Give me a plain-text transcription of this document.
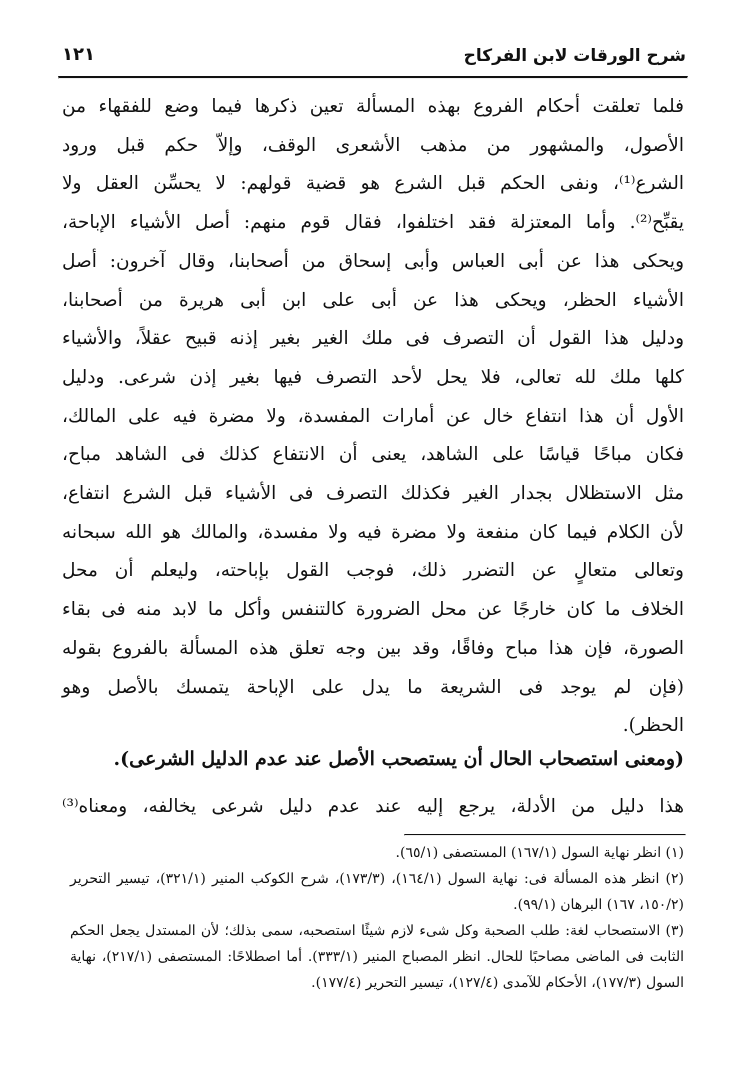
شرح الورقات لابن الفركاح
١٢١

فلما تعلقت أحكام الفروع بهذه المسألة تعين ذكرها فيما وضع للفقهاء من

الأصول، والمشهور من مذهب الأشعرى الوقف، وإلاّ حكم قبل ورود

الشرع⁽¹⁾، ونفى الحكم قبل الشرع هو قضية قولهم: لا يحسِّن العقل ولا

يقبِّح⁽²⁾. وأما المعتزلة فقد اختلفوا، فقال قوم منهم: أصل الأشياء الإباحة،

ويحكى هذا عن أبى العباس وأبى إسحاق من أصحابنا، وقال آخرون: أصل

الأشياء الحظر، ويحكى هذا عن أبى على ابن أبى هريرة من أصحابنا،

ودليل هذا القول أن التصرف فى ملك الغير بغير إذنه قبيح عقلاً، والأشياء

كلها ملك لله تعالى، فلا يحل لأحد التصرف فيها بغير إذن شرعى. ودليل

الأول أن هذا انتفاع خال عن أمارات المفسدة، ولا مضرة فيه على المالك،

فكان مباحًا قياسًا على الشاهد، يعنى أن الانتفاع كذلك فى الشاهد مباح،

مثل الاستظلال بجدار الغير فكذلك التصرف فى الأشياء قبل الشرع انتفاع،

لأن الكلام فيما كان منفعة ولا مضرة فيه ولا مفسدة، والمالك هو الله سبحانه

وتعالى متعالٍ عن التضرر ذلك، فوجب القول بإباحته، وليعلم أن محل

الخلاف ما كان خارجًا عن محل الضرورة كالتنفس وأكل ما لابد منه فى بقاء

الصورة، فإن هذا مباح وفاقًا، وقد بين وجه تعلق هذه المسألة بالفروع بقوله

(فإن لم يوجد فى الشريعة ما يدل على الإباحة يتمسك بالأصل وهو

الحظر).

(ومعنى استصحاب الحال أن يستصحب الأصل عند عدم الدليل الشرعى).
هذا دليل من الأدلة، يرجع إليه عند عدم دليل شرعى يخالفه، ومعناه⁽³⁾

(١) انظر نهاية السول (١٦٧/١) المستصفى (٦٥/١).

(٢) انظر هذه المسألة فى: نهاية السول (١٦٤/١)، (١٧٣/٣)، شرح الكوكب المنير (٣٢١/١)، تيسير التحرير (١٥٠/٢، ١٦٧) البرهان (٩٩/١).

(٣) الاستصحاب لغة: طلب الصحبة وكل شىء لازم شيئًا استصحبه، سمى بذلك؛ لأن المستدل يجعل الحكم الثابت فى الماضى مصاحبًا للحال. انظر المصباح المنير (٣٣٣/١). أما اصطلاحًا: المستصفى (٢١٧/١)، نهاية السول (١٧٧/٣)، الأحكام للآمدى (١٢٧/٤)، تيسير التحرير (١٧٧/٤).
